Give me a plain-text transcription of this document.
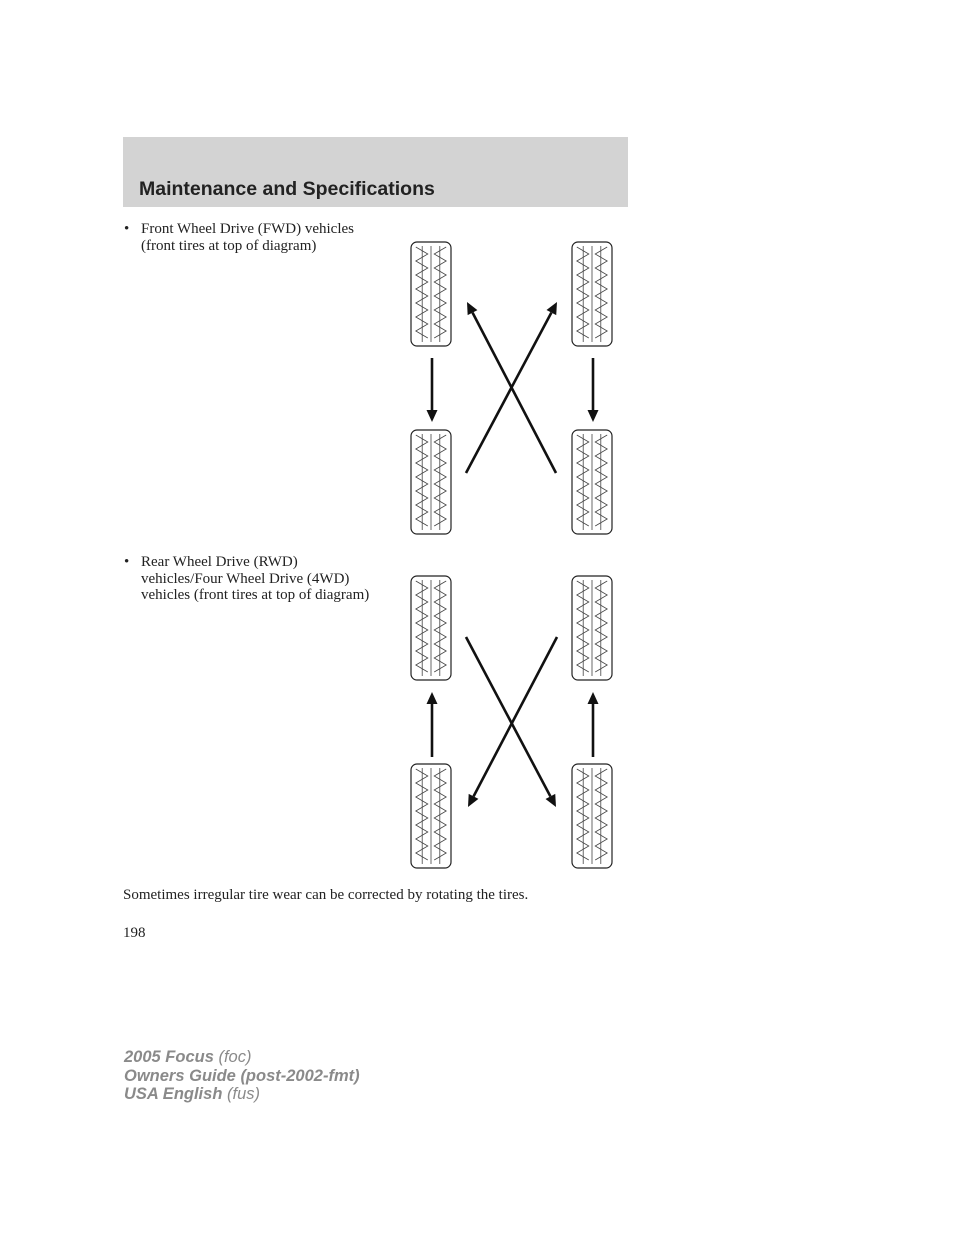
Maintenance and Specifications
• Front Wheel Drive (FWD) vehicles (front tires at top of diagram)
• Rear Wheel Drive (RWD) vehicles/Four Wheel Drive (4WD) vehicles (front tires at top of diagram)
Sometimes irregular tire wear can be corrected by rotating the tires.
198
2005 Focus (foc)
Owners Guide (post-2002-fmt)
USA English (fus)
